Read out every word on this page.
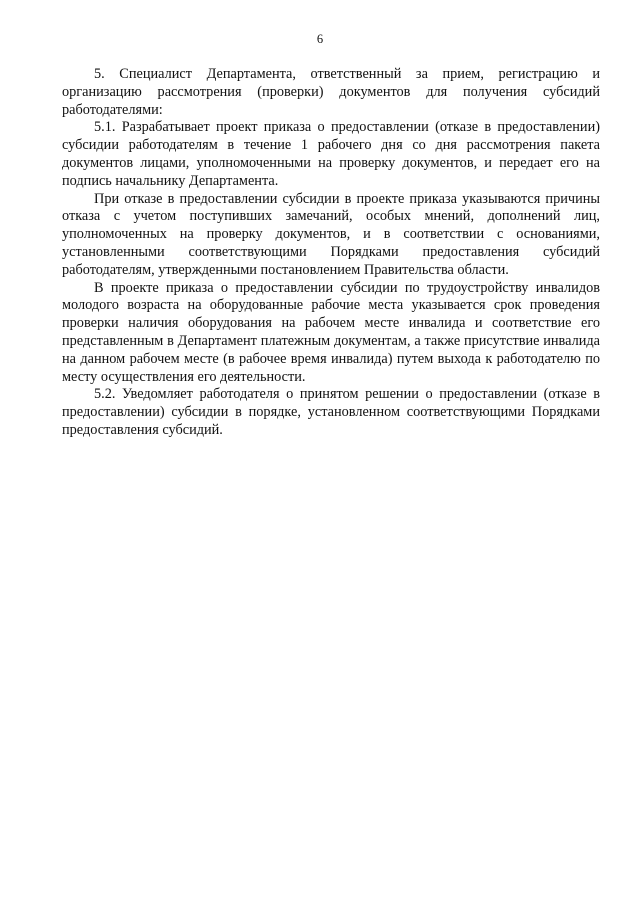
6

5. Специалист Департамента, ответственный за прием, регистрацию и организацию рассмотрения (проверки) документов для получения субсидий работодателями:

5.1. Разрабатывает проект приказа о предоставлении (отказе в предоставлении) субсидии работодателям в течение 1 рабочего дня со дня рассмотрения пакета документов лицами, уполномоченными на проверку документов, и передает его на подпись начальнику Департамента.

При отказе в предоставлении субсидии в проекте приказа указываются причины отказа с учетом поступивших замечаний, особых мнений, дополнений лиц, уполномоченных на проверку документов, и в соответствии с основаниями, установленными соответствующими Порядками предоставления субсидий работодателям, утвержденными постановлением Правительства области.

В проекте приказа о предоставлении субсидии по трудоустройству инвалидов молодого возраста на оборудованные рабочие места указывается срок проведения проверки наличия оборудования на рабочем месте инвалида и соответствие его представленным в Департамент платежным документам, а также присутствие инвалида на данном рабочем месте (в рабочее время инвалида) путем выхода к работодателю по месту осуществления его деятельности.

5.2. Уведомляет работодателя о принятом решении о предоставлении (отказе в предоставлении) субсидии в порядке, установленном соответствующими Порядками предоставления субсидий.
